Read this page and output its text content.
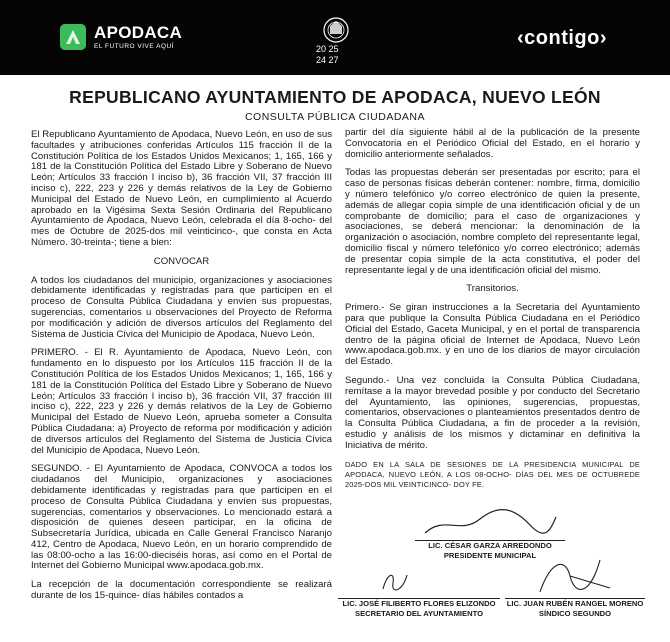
APODACA
EL FUTURO VIVE AQUÍ	20 25
24 27
‹contigo›
REPUBLICANO AYUNTAMIENTO DE APODACA, NUEVO LEÓN
CONSULTA PÚBLICA CIUDADANA

El Republicano Ayuntamiento de Apodaca, Nuevo León, en uso de sus facultades y atribuciones conferidas Artículos 115 fracción II de la Constitución Política de los Estados Unidos Mexicanos; 1, 165, 166 y 181 de la Constitución Política del Estado Libre y Soberano de Nuevo León; Artículos 33 fracción I inciso b), 36 fracción VII, 37 fracción III inciso c), 222, 223 y 226 y demás relativos de la Ley de Gobierno Municipal del Estado de Nuevo León, en cumplimiento al Acuerdo aprobado en la Vigésima Sexta Sesión Ordinaria del Republicano Ayuntamiento de Apodaca, Nuevo León, celebrada el día 8-ocho- del mes de Octubre de 2025-dos mil veinticinco-, que consta en Acta Número. 30-treinta-; tiene a bien:

CONVOCAR

A todos los ciudadanos del municipio, organizaciones y asociaciones debidamente identificadas y registradas para que participen en el proceso de Consulta Pública Ciudadana y envíen sus propuestas, sugerencias, comentarios u observaciones del Proyecto de Reforma por modificación y adición de diversos artículos del Reglamento del Sistema de Justicia Cívica del Municipio de Apodaca, Nuevo León.

PRIMERO. - El R. Ayuntamiento de Apodaca, Nuevo León, con fundamento en lo dispuesto por los Artículos 115 fracción II de la Constitución Política de los Estados Unidos Mexicanos; 1, 165, 166 y 181 de la Constitución Política del Estado Libre y Soberano de Nuevo León; Artículos 33 fracción I inciso b), 36 fracción VII, 37 fracción III inciso c), 222, 223 y 226 y demás relativos de la Ley de Gobierno Municipal del Estado de Nuevo León, aprueba someter a Consulta Pública Ciudadana: a) Proyecto de reforma por modificación y adición de diversos artículos del Reglamento del Sistema de Justicia Cívica del Municipio de Apodaca, Nuevo León.

SEGUNDO. - El Ayuntamiento de Apodaca, CONVOCA a todos los ciudadanos del Municipio, organizaciones y asociaciones debidamente identificadas y registradas para que participen en el proceso de Consulta Pública Ciudadana y envíen sus propuestas, sugerencias, comentarios y observaciones. Lo mencionado estará a disposición de quienes deseen participar, en la oficina de Subsecretaría Jurídica, ubicada en Calle General Francisco Naranjo 412, Centro de Apodaca, Nuevo León, en un horario comprendido de las 08:00-ocho a las 16:00-dieciséis horas, así como en el Portal de Internet del Gobierno Municipal www.apodaca.gob.mx.

La recepción de la documentación correspondiente se realizará durante de los 15-quince- días hábiles contados a

partir del día siguiente hábil al de la publicación de la presente Convocatoria en el Periódico Oficial del Estado, en el horario y domicilio anteriormente señalados.

Todas las propuestas deberán ser presentadas por escrito; para el caso de personas físicas deberán contener: nombre, firma, domicilio y número telefónico y/o correo electrónico de quien la presente, además de allegar copia simple de una identificación oficial y de un comprobante de domicilio; para el caso de organizaciones y asociaciones, se deberá mencionar: la denominación de la organización o asociación, nombre completo del representante legal, domicilio fiscal y número telefónico y/o correo electrónico; además de presentar copia simple de la acta constitutiva, el poder del representante legal y de una identificación oficial del mismo.

Transitorios.

Primero.- Se giran instrucciones a la Secretaria del Ayuntamiento para que publique la Consulta Pública Ciudadana en el Periódico Oficial del Estado, Gaceta Municipal, y en el portal de transparencia dentro de la página oficial de Internet de Apodaca, Nuevo León www.apodaca.gob.mx. y en uno de los diarios de mayor circulación del Estado.

Segundo.- Una vez concluida la Consulta Pública Ciudadana, remítase a la mayor brevedad posible y por conducto del Secretario del Ayuntamiento, las opiniones, sugerencias, propuestas, comentarios, observaciones o planteamientos presentados dentro de la Consulta Pública Ciudadana, a fin de proceder a la revisión, estudio y análisis de los mismos y dictaminar en definitiva la Iniciativa de mérito.

DADO EN LA SALA DE SESIONES DE LA PRESIDENCIA MUNICIPAL DE APODACA, NUEVO LEÓN, A LOS 08-OCHO- DÍAS DEL MES DE OCTUBREDE 2025-DOS MIL VEINTICINCO- DOY FE.

LIC. CÉSAR GARZA ARREDONDO
PRESIDENTE MUNICIPAL
LIC. JOSÉ FILIBERTO FLORES ELIZONDO
SECRETARIO DEL AYUNTAMIENTO
LIC. JUAN RUBÉN RANGEL MORENO
SÍNDICO SEGUNDO
